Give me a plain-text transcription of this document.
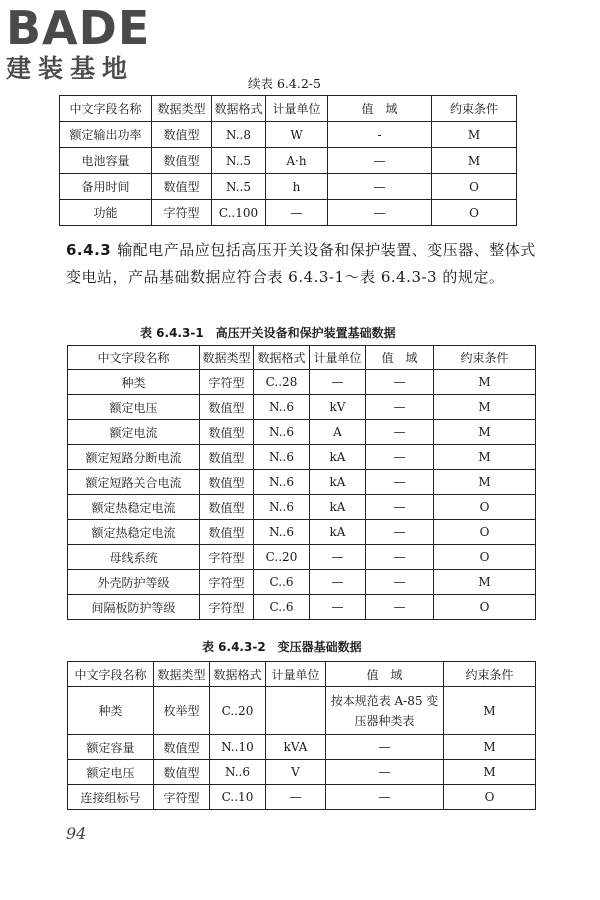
BADE
建装基地
续表 6.4.2-5
中文字段名称	数据类型	数据格式	计量单位	值　域	约束条件
额定输出功率	数值型	N..8	W	-	M
电池容量	数值型	N..5	A·h	—	M
备用时间	数值型	N..5	h	—	O
功能	字符型	C..100	—	—	O
6.4.3 输配电产品应包括高压开关设备和保护装置、变压器、整体式变电站，产品基础数据应符合表 6.4.3-1～表 6.4.3-3 的规定。
表 6.4.3-1　高压开关设备和保护装置基础数据
中文字段名称	数据类型	数据格式	计量单位	值　域	约束条件
种类	字符型	C..28	—	—	M
额定电压	数值型	N..6	kV	—	M
额定电流	数值型	N..6	A	—	M
额定短路分断电流	数值型	N..6	kA	—	M
额定短路关合电流	数值型	N..6	kA	—	M
额定热稳定电流	数值型	N..6	kA	—	O
额定热稳定电流	数值型	N..6	kA	—	O
母线系统	字符型	C..20	—	—	O
外壳防护等级	字符型	C..6	—	—	M
间隔板防护等级	字符型	C..6	—	—	O
表 6.4.3-2　变压器基础数据
中文字段名称	数据类型	数据格式	计量单位	值　域	约束条件
种类	枚举型	C..20		按本规范表 A-85 变压器种类表	M
额定容量	数值型	N..10	kVA	—	M
额定电压	数值型	N..6	V	—	M
连接组标号	字符型	C..10	—	—	O
94
